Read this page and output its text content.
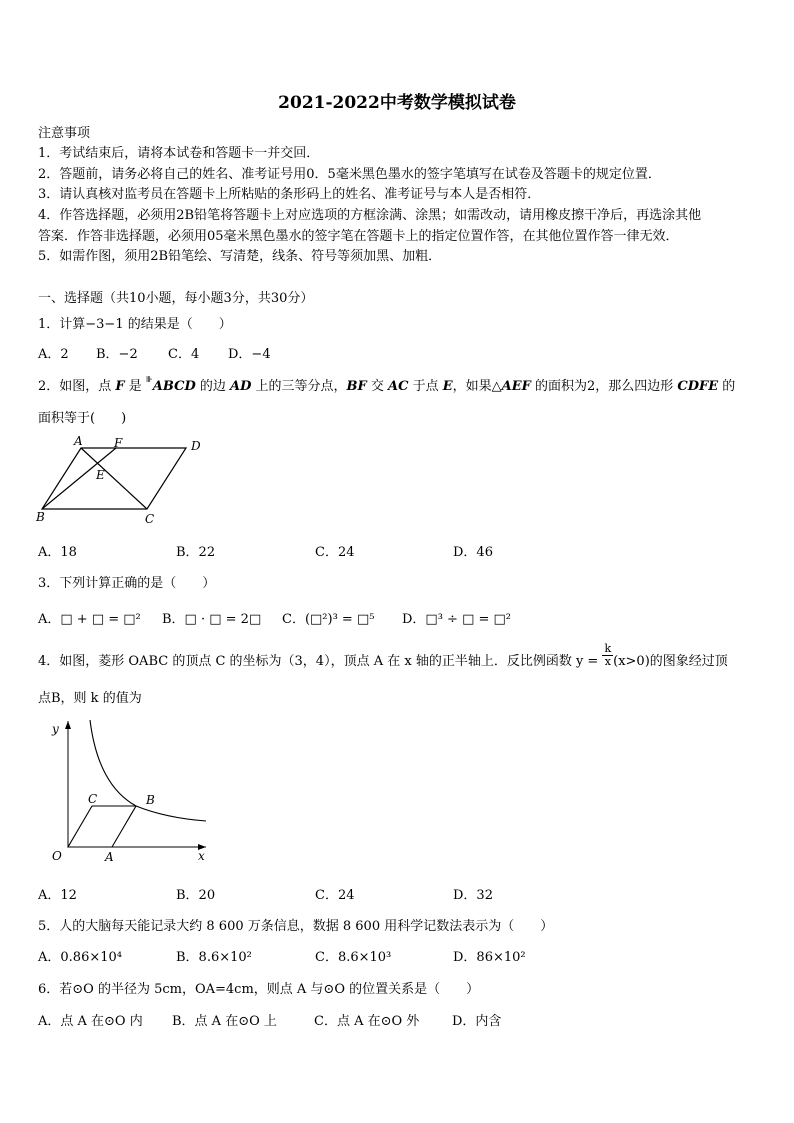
2021-2022中考数学模拟试卷
注意事项
1．考试结束后，请将本试卷和答题卡一并交回．
2．答题前，请务必将自己的姓名、准考证号用0．5毫米黑色墨水的签字笔填写在试卷及答题卡的规定位置．
3．请认真核对监考员在答题卡上所粘贴的条形码上的姓名、准考证号与本人是否相符．
4．作答选择题，必须用2B铅笔将答题卡上对应选项的方框涂满、涂黑；如需改动，请用橡皮擦干净后，再选涂其他
答案．作答非选择题，必须用05毫米黑色墨水的签字笔在答题卡上的指定位置作答，在其他位置作答一律无效．
5．如需作图，须用2B铅笔绘、写清楚，线条、符号等须加黑、加粗．
一、选择题（共10小题，每小题3分，共30分）
1．计算−3−1 的结果是（　　）
A．2 B．−2 C．4 D．−4
2．如图，点 F 是 ⊪ABCD 的边 AD 上的三等分点，BF 交 AC 于点 E，如果△AEF 的面积为2，那么四边形 CDFE 的
面积等于(　　)
A	F	D
E
B	C
A．18	B．22	C．24	D．46
3．下列计算正确的是（　　）
A．□ + □ = □² B．□ · □ = 2□ C．(□²)³ = □⁵ D．□³ ÷ □ = □²
4．如图，菱形 OABC 的顶点 C 的坐标为（3，4），顶点 A 在 x 轴的正半轴上．反比例函数 $y = \frac{k}{x} (x>0)$的图象经过顶
点B，则 k 的值为
y
C	B
O	A	x
A．12	B．20	C．24	D．32
5．人的大脑每天能记录大约 8 600 万条信息，数据 8 600 用科学记数法表示为（　　）
A．0.86×10⁴	B．8.6×10²	C．8.6×10³	D．86×10²
6．若⊙O 的半径为 5cm，OA=4cm，则点 A 与⊙O 的位置关系是（　　）
A．点 A 在⊙O 内 B．点 A 在⊙O 上	C．点 A 在⊙O 外	D．内含
